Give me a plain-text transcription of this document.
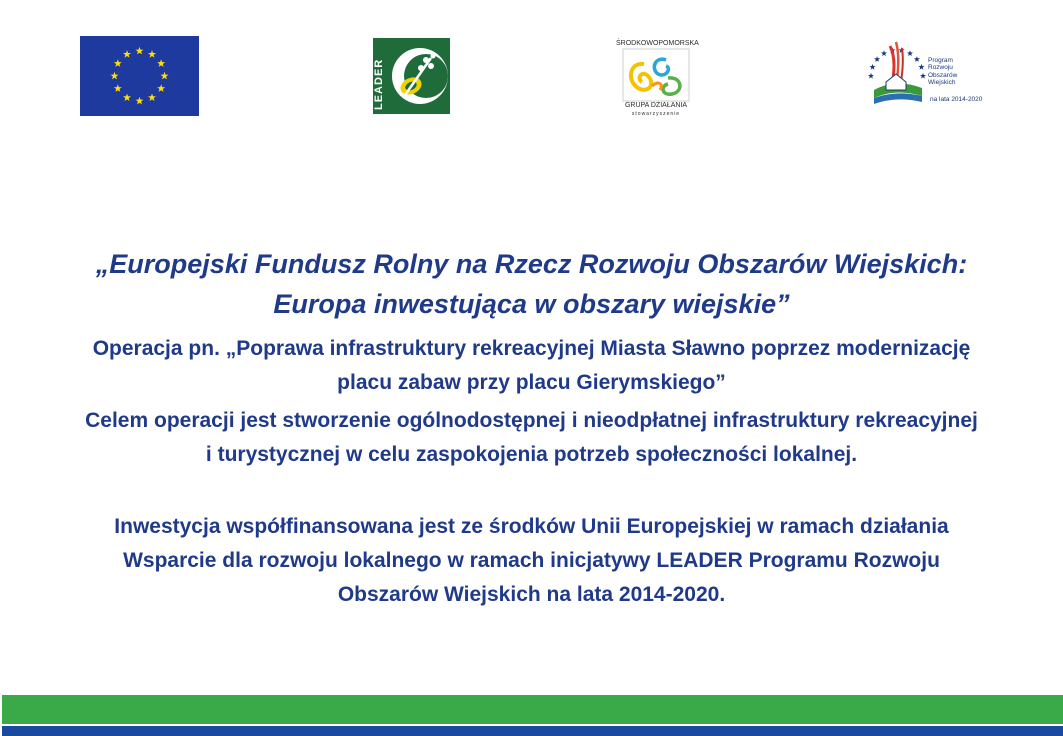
LEADER
ŚRODKOWOPOMORSKA
GRUPA DZIAŁANIA
stowarzyszenie
Program
Rozwoju
Obszarów
Wiejskich
na lata 2014-2020

„Europejski Fundusz Rolny na Rzecz Rozwoju Obszarów Wiejskich:

Europa inwestująca w obszary wiejskie”

Operacja pn. „Poprawa infrastruktury rekreacyjnej Miasta Sławno poprzez modernizację

placu zabaw przy placu Gierymskiego”

Celem operacji jest stworzenie ogólnodostępnej i nieodpłatnej infrastruktury rekreacyjnej

i turystycznej w celu zaspokojenia potrzeb społeczności lokalnej.

Inwestycja współfinansowana jest ze środków Unii Europejskiej w ramach działania

Wsparcie dla rozwoju lokalnego w ramach inicjatywy LEADER Programu Rozwoju

Obszarów Wiejskich na lata 2014-2020.
